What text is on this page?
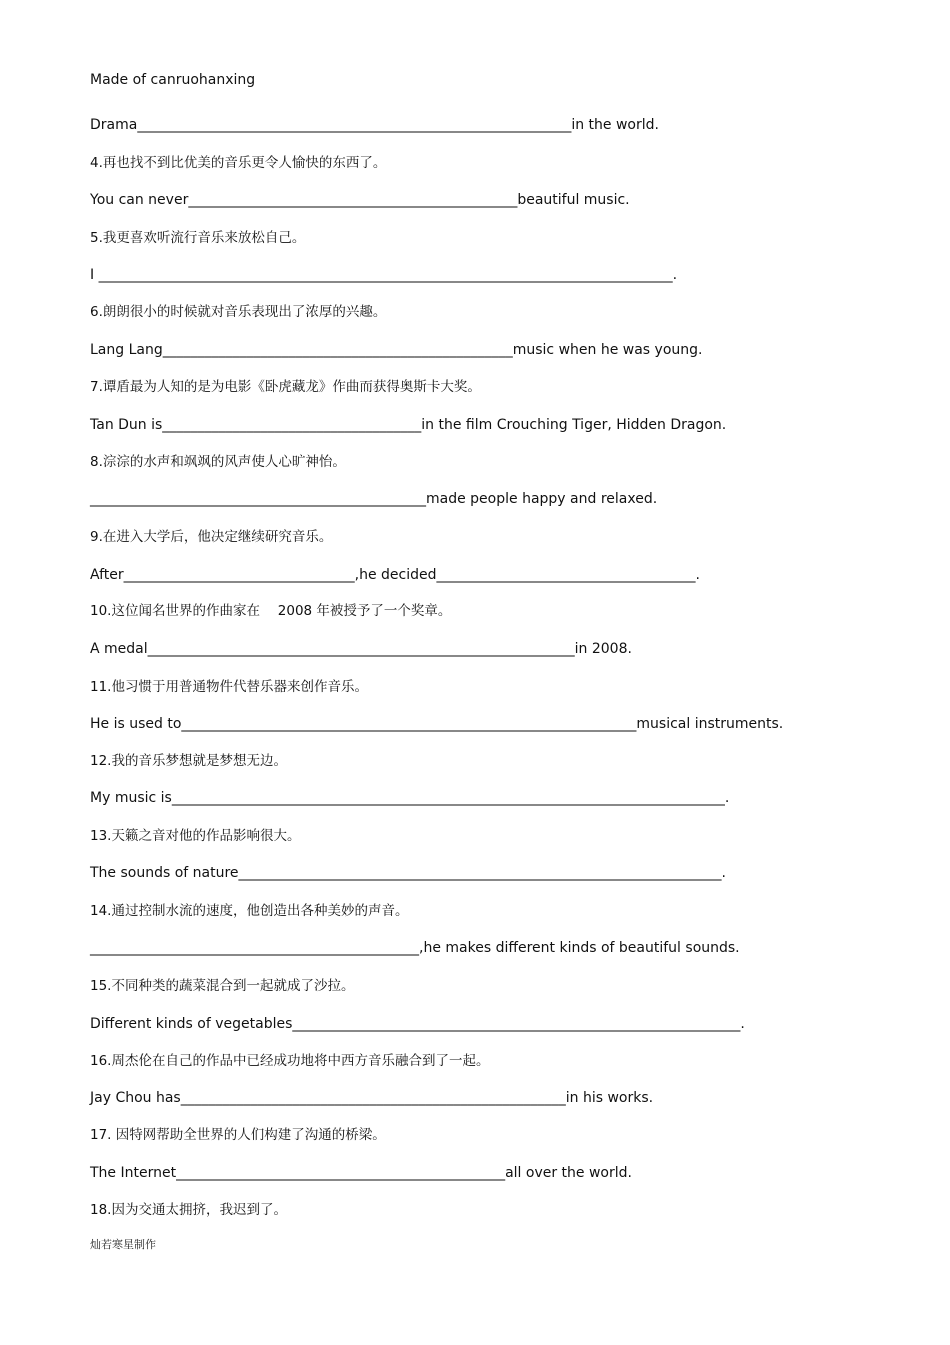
Made of canruohanxing
Drama______________________________________________________________in the world.
4.再也找不到比优美的音乐更令人愉快的东西了。
You can never_______________________________________________beautiful music.
5.我更喜欢听流行音乐来放松自己。
I __________________________________________________________________________________.
6.朗朗很小的时候就对音乐表现出了浓厚的兴趣。
Lang Lang__________________________________________________music when he was young.
7.谭盾最为人知的是为电影《卧虎藏龙》作曲而获得奥斯卡大奖。
Tan Dun is_____________________________________in the film Crouching Tiger, Hidden Dragon.
8.淙淙的水声和飒飒的风声使人心旷神怡。
________________________________________________made people happy and relaxed.
9.在进入大学后，他决定继续研究音乐。
After_________________________________,he decided_____________________________________.
10.这位闻名世界的作曲家在　 2008 年被授予了一个奖章。
A medal_____________________________________________________________in 2008.
11.他习惯于用普通物件代替乐器来创作音乐。
He is used to_________________________________________________________________musical instruments.
12.我的音乐梦想就是梦想无边。
My music is_______________________________________________________________________________.
13.天籁之音对他的作品影响很大。
The sounds of nature_____________________________________________________________________.
14.通过控制水流的速度，他创造出各种美妙的声音。
_______________________________________________,he makes different kinds of beautiful sounds.
15.不同种类的蔬菜混合到一起就成了沙拉。
Different kinds of vegetables________________________________________________________________.
16.周杰伦在自己的作品中已经成功地将中西方音乐融合到了一起。
Jay Chou has_______________________________________________________in his works.
17. 因特网帮助全世界的人们构建了沟通的桥梁。
The Internet_______________________________________________all over the world.
18.因为交通太拥挤，我迟到了。
灿若寒星制作
